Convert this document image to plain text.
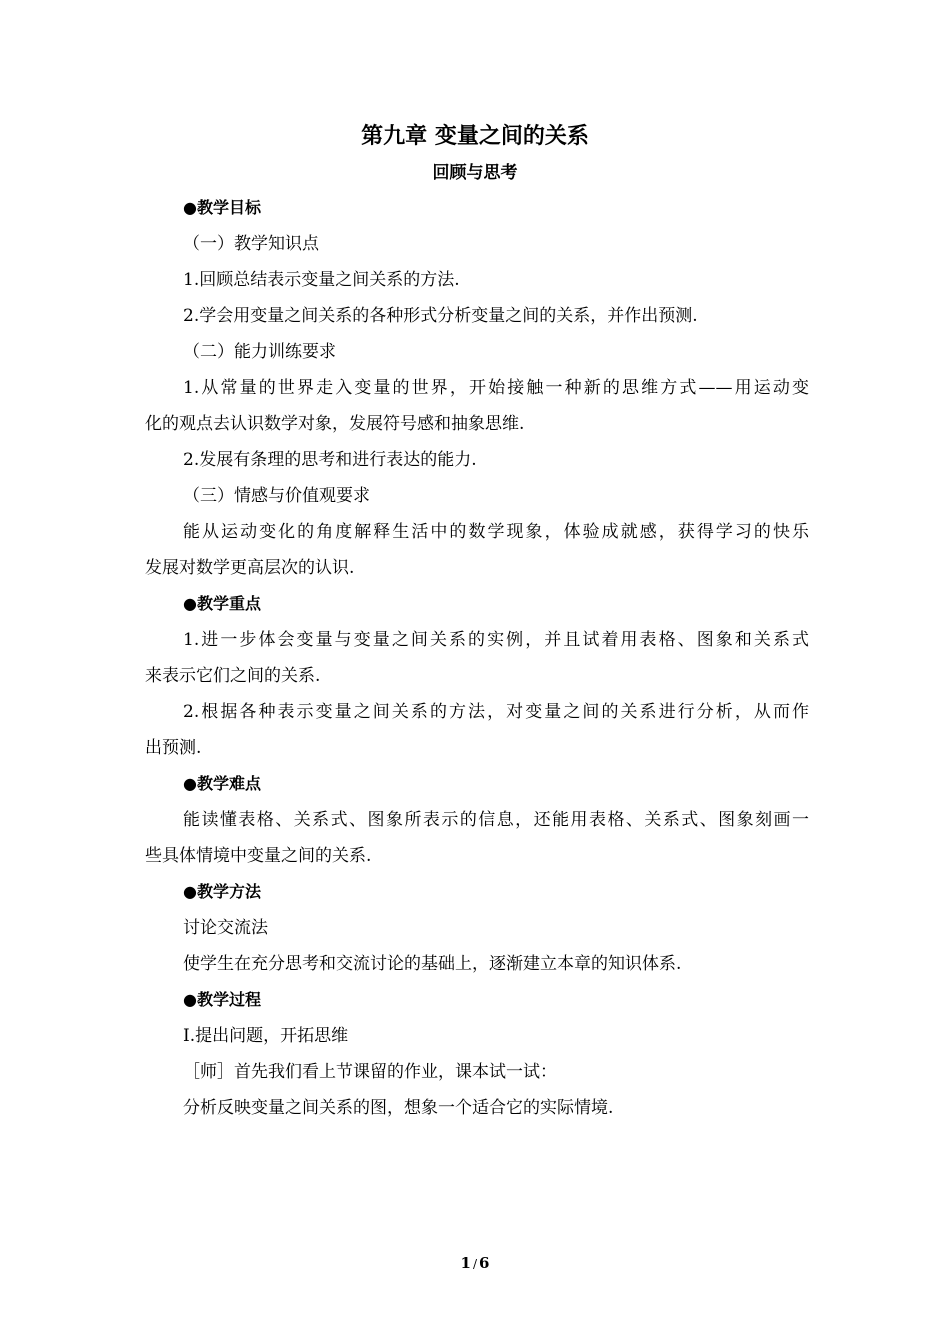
第九章 变量之间的关系
回顾与思考
●教学目标
（一）教学知识点
1.回顾总结表示变量之间关系的方法.
2.学会用变量之间关系的各种形式分析变量之间的关系，并作出预测.
（二）能力训练要求
1.从常量的世界走入变量的世界，开始接触一种新的思维方式——用运动变
化的观点去认识数学对象，发展符号感和抽象思维.
2.发展有条理的思考和进行表达的能力.
（三）情感与价值观要求
能从运动变化的角度解释生活中的数学现象，体验成就感，获得学习的快乐
发展对数学更高层次的认识.
●教学重点
1.进一步体会变量与变量之间关系的实例，并且试着用表格、图象和关系式
来表示它们之间的关系.
2.根据各种表示变量之间关系的方法，对变量之间的关系进行分析，从而作
出预测.
●教学难点
能读懂表格、关系式、图象所表示的信息，还能用表格、关系式、图象刻画一
些具体情境中变量之间的关系.
●教学方法
讨论交流法
使学生在充分思考和交流讨论的基础上，逐渐建立本章的知识体系.
●教学过程
Ⅰ.提出问题，开拓思维
［师］首先我们看上节课留的作业，课本试一试：
分析反映变量之间关系的图，想象一个适合它的实际情境.
1 / 6
